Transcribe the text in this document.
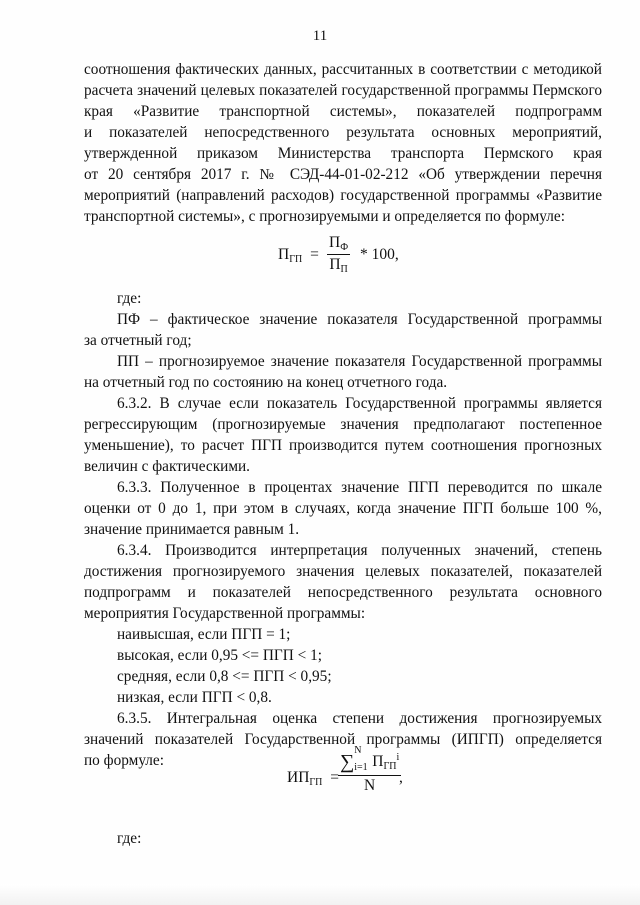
11
соотношения фактических данных, рассчитанных в соответствии с методикой
расчета значений целевых показателей государственной программы Пермского
края «Развитие транспортной системы», показателей подпрограмм
и показателей непосредственного результата основных мероприятий,
утвержденной приказом Министерства транспорта Пермского края
от 20 сентября 2017 г. № СЭД-44-01-02-212 «Об утверждении перечня
мероприятий (направлений расходов) государственной программы «Развитие
транспортной системы», с прогнозируемыми и определяется по формуле:
$П_{ГП}$ =
$П_Ф$
$П_П$
* 100,
где:
ПФ – фактическое значение показателя Государственной программы
за отчетный год;
ПП – прогнозируемое значение показателя Государственной программы
на отчетный год по состоянию на конец отчетного года.
6.3.2. В случае если показатель Государственной программы является
регрессирующим (прогнозируемые значения предполагают постепенное
уменьшение), то расчет ПГП производится путем соотношения прогнозных
величин с фактическими.
6.3.3. Полученное в процентах значение ПГП переводится по шкале
оценки от 0 до 1, при этом в случаях, когда значение ПГП больше 100 %,
значение принимается равным 1.
6.3.4. Производится интерпретация полученных значений, степень
достижения прогнозируемого значения целевых показателей, показателей
подпрограмм и показателей непосредственного результата основного
мероприятия Государственной программы:
наивысшая, если ПГП = 1;
высокая, если 0,95 <= ПГП < 1;
средняя, если 0,8 <= ПГП < 0,95;
низкая, если ПГП < 0,8.
6.3.5. Интегральная оценка степени достижения прогнозируемых
значений показателей Государственной программы (ИПГП) определяется
по формуле:
$ИП_{ГП}$ =
∑
N
i=1 $П_{ГП}^i$
N	,
где:
